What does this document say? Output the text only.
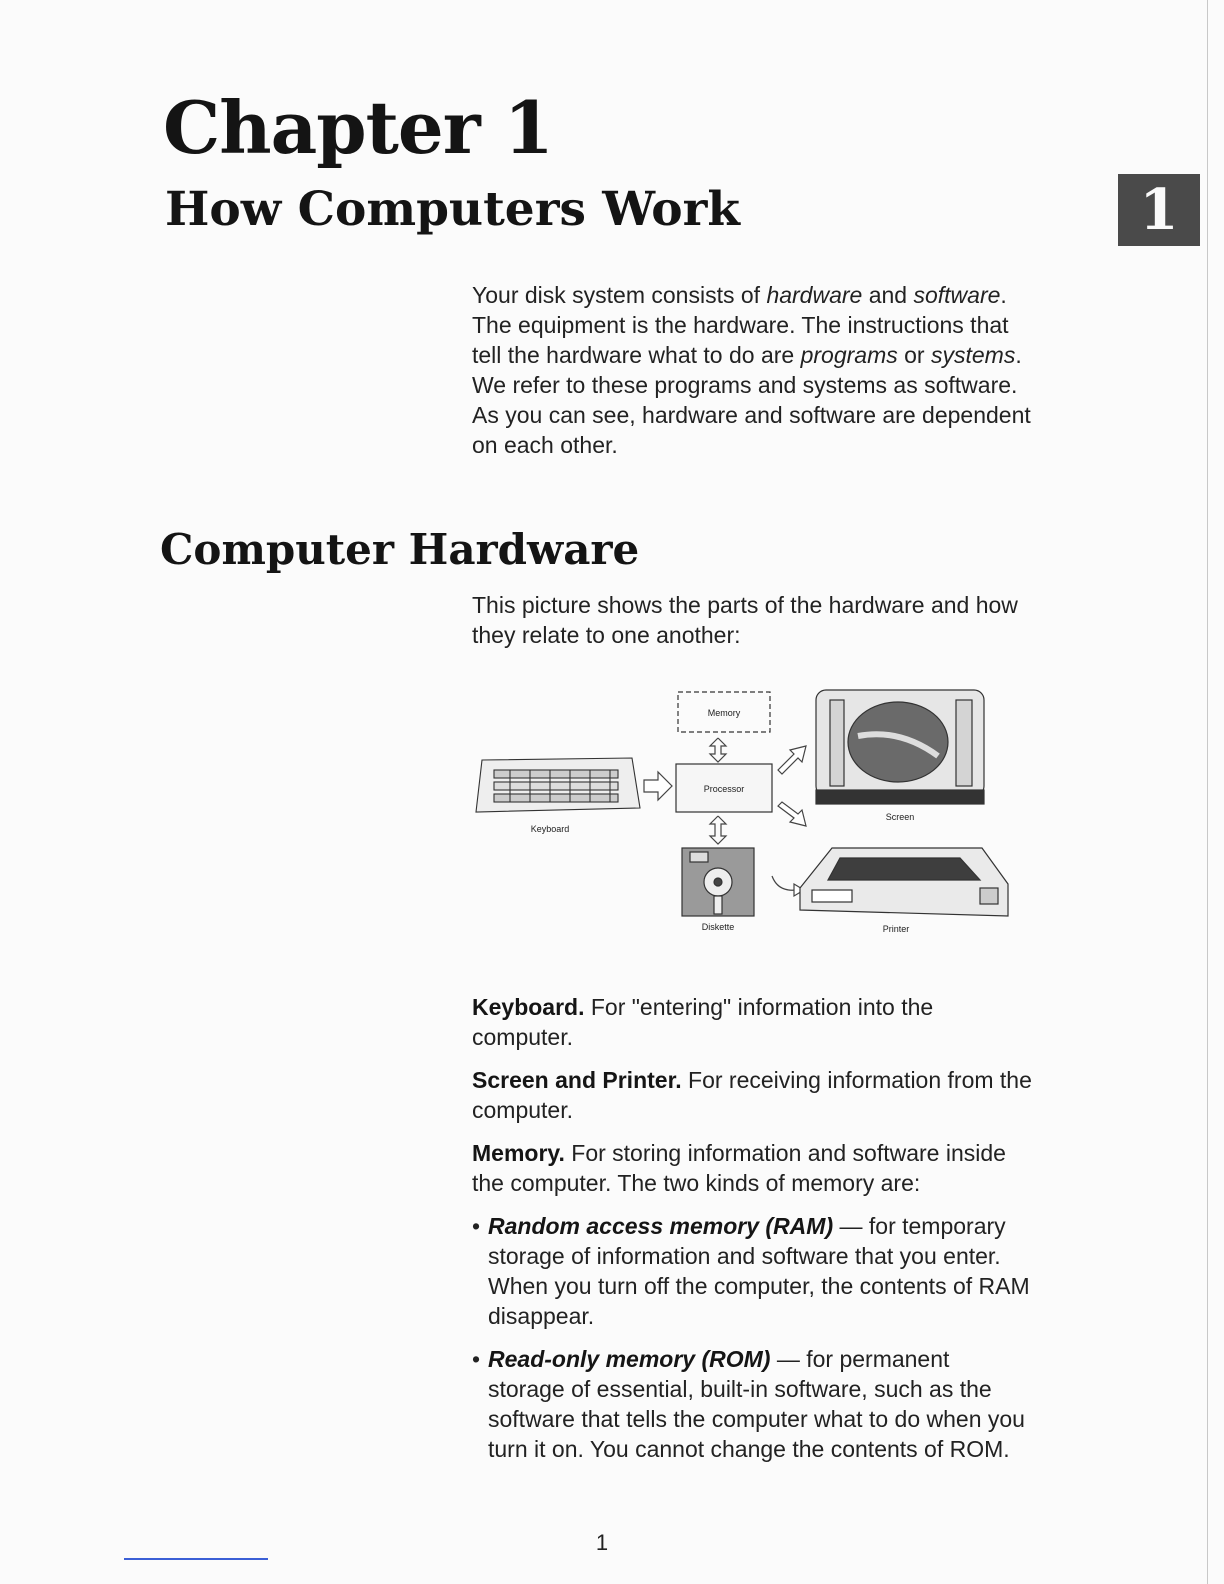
Chapter 1
How Computers Work	1

Your disk system consists of hardware and software. The equipment is the hardware. The instructions that tell the hardware what to do are programs or systems. We refer to these programs and systems as software. As you can see, hardware and software are dependent on each other.

Computer Hardware

This picture shows the parts of the hardware and how they relate to one another:

Memory
Processor
Keyboard
Screen
Diskette	Printer

Keyboard. For "entering" information into the computer.

Screen and Printer. For receiving information from the computer.

Memory. For storing information and software inside the computer. The two kinds of memory are:

• Random access memory (RAM) — for temporary storage of information and software that you enter. When you turn off the computer, the contents of RAM disappear.
• Read-only memory (ROM) — for permanent storage of essential, built-in software, such as the software that tells the computer what to do when you turn it on. You cannot change the contents of ROM.
1
